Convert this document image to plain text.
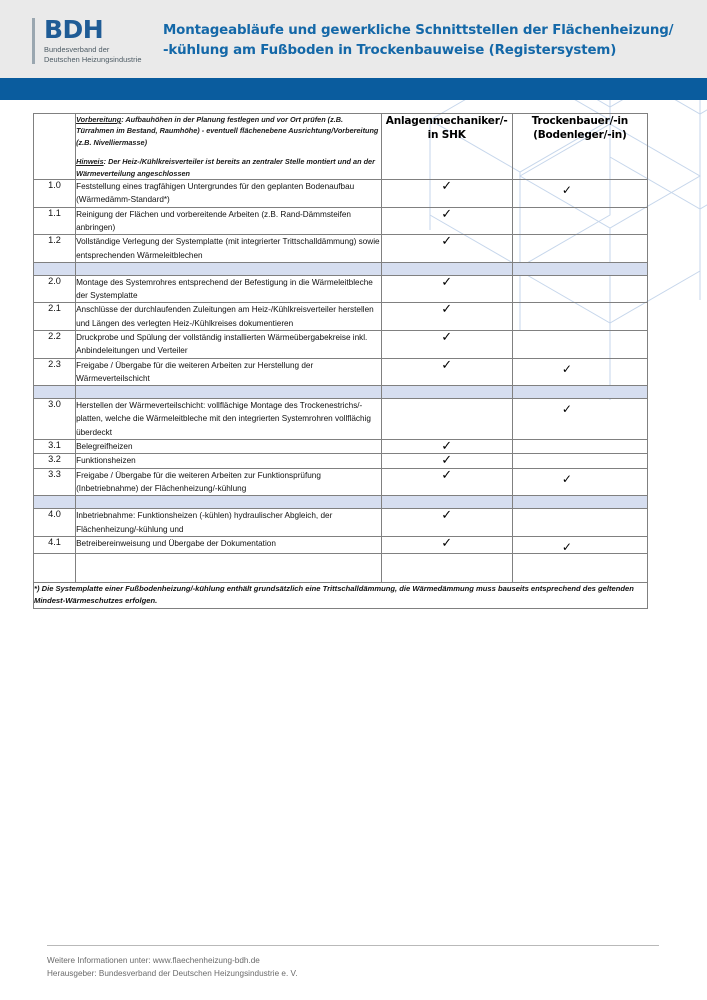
BDH
Bundesverband der
Deutschen Heizungsindustrie
Montageabläufe und gewerkliche Schnittstellen der Flächenheizung/
-kühlung am Fußboden in Trockenbauweise (Registersystem)

Vorbereitung: Aufbauhöhen in der Planung festlegen und vor Ort prüfen (z.B. Türrahmen im Bestand, Raumhöhe) - eventuell flächenebene Ausrichtung/Vorbereitung (z.B. Nivelliermasse)

Hinweis: Der Heiz-/Kühlkreisverteiler ist bereits an zentraler Stelle montiert und an der Wärmeverteilung angeschlossen

Anlagenmechaniker/-
in SHK

Trockenbauer/-in
(Bodenleger/-in)

1.0	Feststellung eines tragfähigen Untergrundes für den geplanten Bodenaufbau (Wärmedämm-Standard*)	✓	✓
1.1	Reinigung der Flächen und vorbereitende Arbeiten (z.B. Rand-Dämmsteifen anbringen)	✓	
1.2	Vollständige Verlegung der Systemplatte (mit integrierter Trittschalldämmung) sowie entsprechenden Wärmeleitblechen	✓	

2.0	Montage des Systemrohres entsprechend der Befestigung in die Wärmeleitbleche der Systemplatte	✓	
2.1	Anschlüsse der durchlaufenden Zuleitungen am Heiz-/Kühlkreisverteiler herstellen und Längen des verlegten Heiz-/Kühlkreises dokumentieren	✓	
2.2	Druckprobe und Spülung der vollständig installierten Wärmeübergabekreise inkl. Anbindeleitungen und Verteiler	✓	
2.3	Freigabe / Übergabe für die weiteren Arbeiten zur Herstellung der Wärmeverteilschicht	✓	✓

3.0	Herstellen der Wärmeverteilschicht: vollflächige Montage des Trockenestrichs/-platten, welche die Wärmeleitbleche mit den integrierten Systemrohren vollflächig überdeckt		✓
3.1	Belegreifheizen	✓	
3.2	Funktionsheizen	✓	
3.3	Freigabe / Übergabe für die weiteren Arbeiten zur Funktionsprüfung (Inbetriebnahme) der Flächenheizung/-kühlung	✓	✓

4.0	Inbetriebnahme: Funktionsheizen (-kühlen) hydraulischer Abgleich, der Flächenheizung/-kühlung und	✓	
4.1	Betreibereinweisung und Übergabe der Dokumentation	✓	✓

*) Die Systemplatte einer Fußbodenheizung/-kühlung enthält grundsätzlich eine Trittschalldämmung, die Wärmedämmung muss bauseits entsprechend des geltenden Mindest-Wärmeschutzes erfolgen.			
Weitere Informationen unter: www.flaechenheizung-bdh.de
Herausgeber: Bundesverband der Deutschen Heizungsindustrie e. V.
